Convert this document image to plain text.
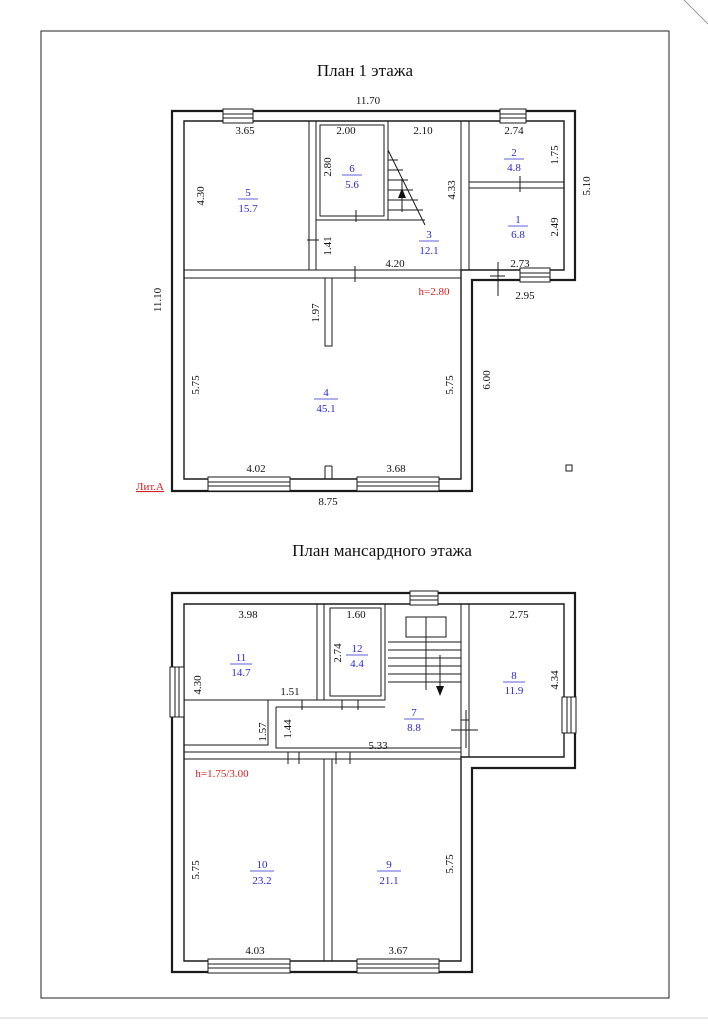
План 1 этажа
11.70
3.65	2.00	2.10	2.74
4.30
2.80
4.33
1.41
4.20
1.75
2.49
2.73
2.95
5.10
6.00
11.10
1.97
5.75	5.75
4.02	3.68
8.75
h=2.80
Лит.А
5
15.7
6
5.6
3
12.1
2
4.8
1
6.8
4
45.1
План мансардного этажа
3.98	1.60	2.75
4.30
2.74
4.34
1.51
1.57 1.44
5.33
5.75	5.75
4.03	3.67
h=1.75/3.00
11
14.7
12
4.4
8
11.9
7
8.8
10
23.2
9
21.1
